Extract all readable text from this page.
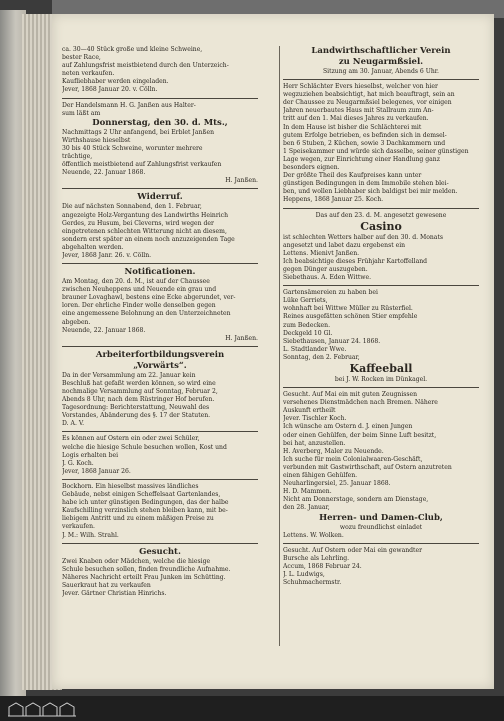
ca. 30—40 Stück große und kleine Schweine,
bester Race,
auf Zahlungsfrist meistbietend durch den Unterzeich-
neten verkaufen.
Kaufliebhaber werden eingeladen.
Jever, 1868 Januar 20. v. Cölln.
Der Handelsmann H. G. Janßen aus Halter-
sum läßt am
Donnerstag, den 30. d. Mts.,
Nachmittags 2 Uhr anfangend, bei Erblet Janßen
Wirthshause hieselbst
30 bis 40 Stück Schweine, worunter mehrere
trächtige,
öffentlich meistbietend auf Zahlungsfrist verkaufen
Neuende, 22. Januar 1868.
H. Janßen.
Widerruf.
Die auf nächsten Sonnabend, den 1. Februar,
angezeigte Holz-Vergantung des Landwirths Heinrich
Gerdes, zu Husum, bei Cleverns, wird wegen der
eingetretenen schlechten Witterung nicht an diesem,
sondern erst später an einem noch anzuzeigenden Tage
abgehalten werden.
Jever, 1868 Janr. 26. v. Cölln.
Notificationen.
Am Montag, den 20. d. M., ist auf der Chaussee
zwischen Neuheppens und Neuende ein grau und
brauner Lovaghawl, bestens eine Ecke abgerundet, ver-
loren. Der ehrliche Finder wolle denselben gegen
eine angemessene Belohnung an den Unterzeichneten
abgeben.
Neuende, 22. Januar 1868.
H. Janßen.
Arbeiterfortbildungsverein
„Vorwärts“.
Da in der Versammlung am 22. Januar kein
Beschluß hat gefaßt werden können, so wird eine
nochmalige Versammlung auf Sonntag, Februar 2,
Abends 8 Uhr, nach dem Rüstringer Hof berufen.
Tagesordnung: Berichterstattung, Neuwahl des
Vorstandes, Abänderung des §. 17 der Statuten.
D. A. V.
Es können auf Ostern ein oder zwei Schüler,
welche die hiesige Schule besuchen wollen, Kost und
Logis erhalten bei
J. G. Koch.
Jever, 1868 Januar 26.
Bockhorn. Ein hieselbst massives ländliches
Gebäude, nebst einigen Scheffelsaat Gartenlandes,
habe ich unter günstigen Bedingungen, das der halbe
Kaufschilling verzinslich stehen bleiben kann, mit be-
liebigem Antritt und zu einem mäßigen Preise zu
verkaufen.
J. M.: Wilh. Strahl.
Gesucht.
Zwei Knaben oder Mädchen, welche die hiesige
Schule besuchen sollen, finden freundliche Aufnahme.
Näheres Nachricht erteilt Frau Junken im Schütting.
Sauerkraut hat zu verkaufen
Jever. Gärtner Christian Hinrichs.
Landwirthschaftlicher Verein
zu Neugarmßsiel.
Sitzung am 30. Januar, Abends 6 Uhr.
Herr Schlächter Evers hieselbst, welcher von hier
wegzuziehen beabsichtigt, hat mich beauftragt, sein an
der Chaussee zu Neugarmßsiel belegenes, vor einigen
Jahren neuerbautes Haus mit Stallraum zum An-
tritt auf den 1. Mai dieses Jahres zu verkaufen.
In dem Hause ist bisher die Schlächterei mit
gutem Erfolge betrieben, es befinden sich in demsel-
ben 6 Stuben, 2 Küchen, sowie 3 Dachkammern und
1 Speisekammer und würde sich dasselbe, seiner günstigen
Lage wegen, zur Einrichtung einer Handlung ganz
besonders eignen.
Der größte Theil des Kaufpreises kann unter
günstigen Bedingungen in dem Immobile stehen blei-
ben, und wollen Liebhaber sich baldigst bei mir melden.
Heppens, 1868 Januar 25. Koch.
Das auf den 23. d. M. angesetzt gewesene
Casino
ist schlechten Wetters halber auf den 30. d. Monats
angesetzt und labet dazu ergebenst ein
Lettens. Mienivt Janßen.
Ich beabsichtige dieses Frühjahr Kartoffelland
gegen Dünger auszugeben.
Siebethaus. A. Eden Wittwe.
Gartensämereien zu haben bei
Lüke Gerriets,
wohnhaft bei Wittwe Müller zu Rüsterfiel.
Reines ausgefätten schönen Stier empfehle
zum Bedecken.
Deckgeld 10 Gl.
Siebethausen, Januar 24. 1868.
L. Stadtlander Wwe.
Sonntag, den 2. Februar,
Kaffeeball
bei J. W. Rocken im Dünkagel.
Gesucht. Auf Mai ein mit guten Zeugnissen
versehenes Dienstmädchen nach Bremen. Nähere
Auskunft ertheilt
Jever. Tischler Koch.
Ich wünsche am Ostern d. J. einen Jungen
oder einen Gehülfen, der beim Sinne Luft besitzt,
bei hat, anzustellen.
H. Averberg, Maler zu Neuende.
Ich suche für mein Colonialwaaren-Geschäft,
verbunden mit Gastwirthschaft, auf Ostern anzutreten
einen fähigen Gehülfen.
Neuharlingersiel, 25. Januar 1868.
H. D. Mammen.
Nicht am Donnerstage, sondern am Dienstage,
den 28. Januar,
Herren- und Damen-Club,
wozu freundlichst einladet
Lettens. W. Wolken.
Gesucht. Auf Ostern oder Mai ein gewandter
Bursche als Lehrling.
Accum, 1868 Februar 24.
J. L. Ludwigs,
Schuhmachermstr.
